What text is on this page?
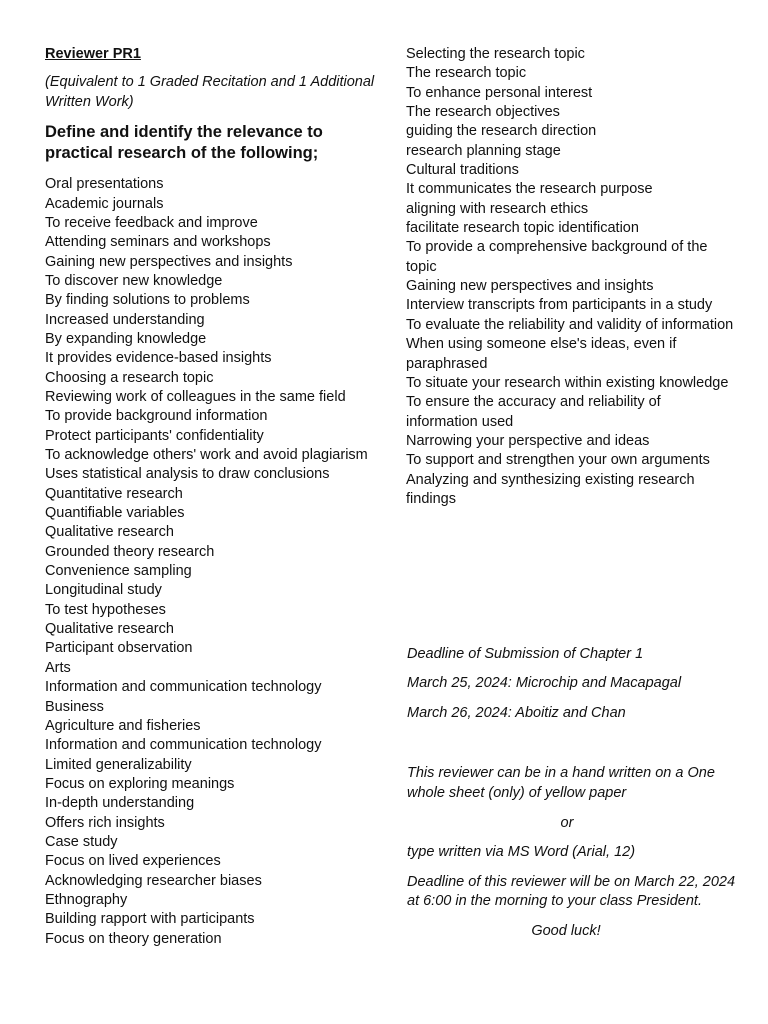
Reviewer PR1

(Equivalent to 1 Graded Recitation and 1 Additional Written Work)

Define and identify the relevance to practical research of the following;

Oral presentations
Academic journals
To receive feedback and improve
Attending seminars and workshops
Gaining new perspectives and insights
To discover new knowledge
By finding solutions to problems
Increased understanding
By expanding knowledge
It provides evidence-based insights
Choosing a research topic
Reviewing work of colleagues in the same field
To provide background information
Protect participants' confidentiality
To acknowledge others' work and avoid plagiarism
Uses statistical analysis to draw conclusions
Quantitative research
Quantifiable variables
Qualitative research
Grounded theory research
Convenience sampling
Longitudinal study
To test hypotheses
Qualitative research
Participant observation
Arts
Information and communication technology
Business
Agriculture and fisheries
Information and communication technology
Limited generalizability
Focus on exploring meanings
In-depth understanding
Offers rich insights
Case study
Focus on lived experiences
Acknowledging researcher biases
Ethnography
Building rapport with participants
Focus on theory generation
Selecting the research topic
The research topic
To enhance personal interest
The research objectives
guiding the research direction
research planning stage
Cultural traditions
It communicates the research purpose
aligning with research ethics
facilitate research topic identification
To provide a comprehensive background of the topic
Gaining new perspectives and insights
Interview transcripts from participants in a study
To evaluate the reliability and validity of information
When using someone else's ideas, even if paraphrased
To situate your research within existing knowledge
To ensure the accuracy and reliability of information used
Narrowing your perspective and ideas
To support and strengthen your own arguments
Analyzing and synthesizing existing research findings

Deadline of Submission of Chapter 1

March 25, 2024: Microchip and Macapagal

March 26, 2024: Aboitiz and Chan

This reviewer can be in a hand written on a One whole sheet (only) of yellow paper

or

type written via MS Word (Arial, 12)

Deadline of this reviewer will be on March 22, 2024 at 6:00 in the morning to your class President.

Good luck!
